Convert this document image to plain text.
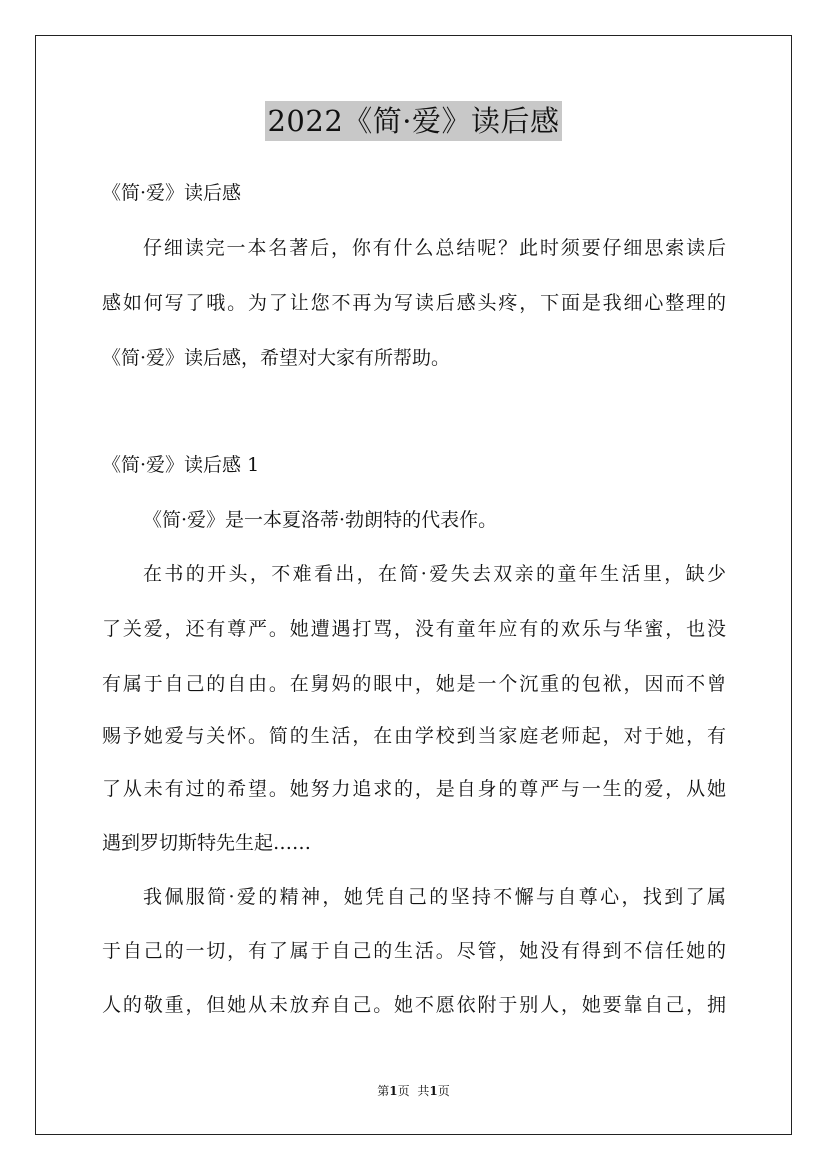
2022《简·爱》读后感
《简·爱》读后感
仔细读完一本名著后，你有什么总结呢？此时须要仔细思索读后
感如何写了哦。为了让您不再为写读后感头疼，下面是我细心整理的
《简·爱》读后感，希望对大家有所帮助。
《简·爱》读后感 1
《简·爱》是一本夏洛蒂·勃朗特的代表作。
在书的开头，不难看出，在简·爱失去双亲的童年生活里，缺少
了关爱，还有尊严。她遭遇打骂，没有童年应有的欢乐与华蜜，也没
有属于自己的自由。在舅妈的眼中，她是一个沉重的包袱，因而不曾
赐予她爱与关怀。简的生活，在由学校到当家庭老师起，对于她，有
了从未有过的希望。她努力追求的，是自身的尊严与一生的爱，从她
遇到罗切斯特先生起……
我佩服简·爱的精神，她凭自己的坚持不懈与自尊心，找到了属
于自己的一切，有了属于自己的生活。尽管，她没有得到不信任她的
人的敬重，但她从未放弃自己。她不愿依附于别人，她要靠自己，拥
第1页 共1页
